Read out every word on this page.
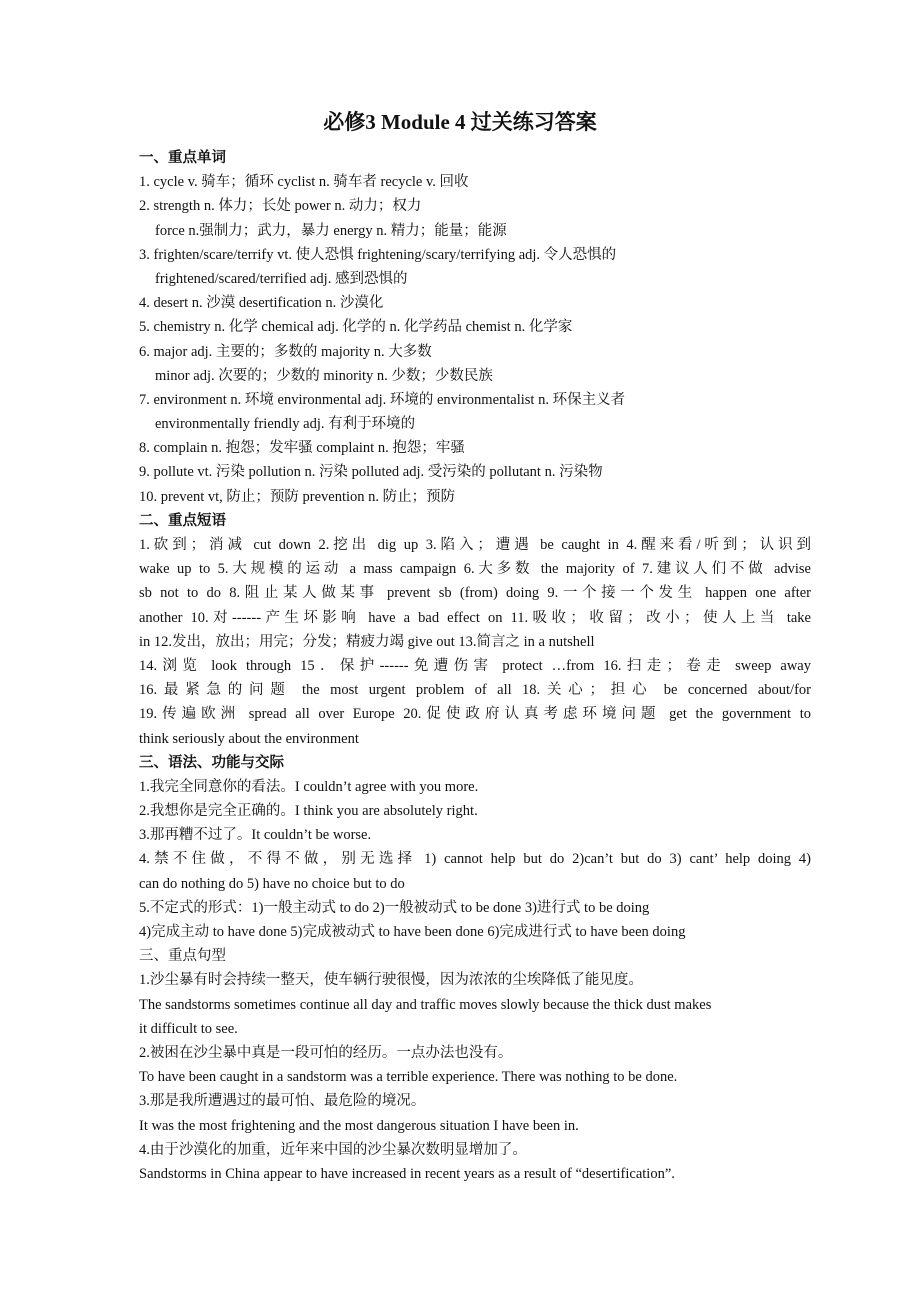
必修3 Module 4 过关练习答案
一、重点单词
1. cycle v. 骑车；循环 cyclist n. 骑车者 recycle v. 回收
2. strength n. 体力；长处 power n. 动力；权力
force n.强制力；武力，暴力 energy n. 精力；能量；能源
3. frighten/scare/terrify vt. 使人恐惧 frightening/scary/terrifying adj. 令人恐惧的
frightened/scared/terrified adj. 感到恐惧的
4. desert n. 沙漠 desertification n. 沙漠化
5. chemistry n. 化学 chemical adj. 化学的 n. 化学药品 chemist n. 化学家
6. major adj. 主要的；多数的 majority n. 大多数
minor adj. 次要的；少数的 minority n. 少数；少数民族
7. environment n. 环境 environmental adj. 环境的 environmentalist n. 环保主义者
environmentally friendly adj. 有利于环境的
8. complain n. 抱怨；发牢骚 complaint n. 抱怨；牢骚
9. pollute vt. 污染 pollution n. 污染 polluted adj. 受污染的 pollutant n. 污染物
10. prevent vt, 防止；预防 prevention n. 防止；预防
二、重点短语
1.砍到；消减 cut down 2.挖出 dig up 3.陷入；遭遇 be caught in 4.醒来看/听到；认识到
wake up to 5.大规模的运动 a mass campaign 6.大多数 the majority of 7.建议人们不做 advise
sb not to do 8.阻止某人做某事 prevent sb (from) doing 9.一个接一个发生 happen one after
another 10.对------产生坏影响 have a bad effect on 11.吸收；收留；改小；使人上当 take
in 12.发出，放出；用完；分发；精疲力竭 give out 13.简言之 in a nutshell
14.浏览 look through 15．保护------免遭伤害 protect …from 16.扫走；卷走 sweep away
16.最紧急的问题 the most urgent problem of all 18.关心；担心 be concerned about/for
19.传遍欧洲 spread all over Europe 20.促使政府认真考虑环境问题 get the government to
think seriously about the environment
三、语法、功能与交际
1.我完全同意你的看法。I couldn’t agree with you more.
2.我想你是完全正确的。I think you are absolutely right.
3.那再糟不过了。It couldn’t be worse.
4.禁不住做，不得不做，别无选择 1) cannot help but do 2)can’t but do 3) cant’ help doing 4)
can do nothing do 5) have no choice but to do
5.不定式的形式：1)一般主动式 to do 2)一般被动式 to be done 3)进行式 to be doing
4)完成主动 to have done 5)完成被动式 to have been done 6)完成进行式 to have been doing
三、重点句型
1.沙尘暴有时会持续一整天，使车辆行驶很慢，因为浓浓的尘埃降低了能见度。
The sandstorms sometimes continue all day and traffic moves slowly because the thick dust makes
it difficult to see.
2.被困在沙尘暴中真是一段可怕的经历。一点办法也没有。
To have been caught in a sandstorm was a terrible experience. There was nothing to be done.
3.那是我所遭遇过的最可怕、最危险的境况。
It was the most frightening and the most dangerous situation I have been in.
4.由于沙漠化的加重，近年来中国的沙尘暴次数明显增加了。
Sandstorms in China appear to have increased in recent years as a result of “desertification”.
